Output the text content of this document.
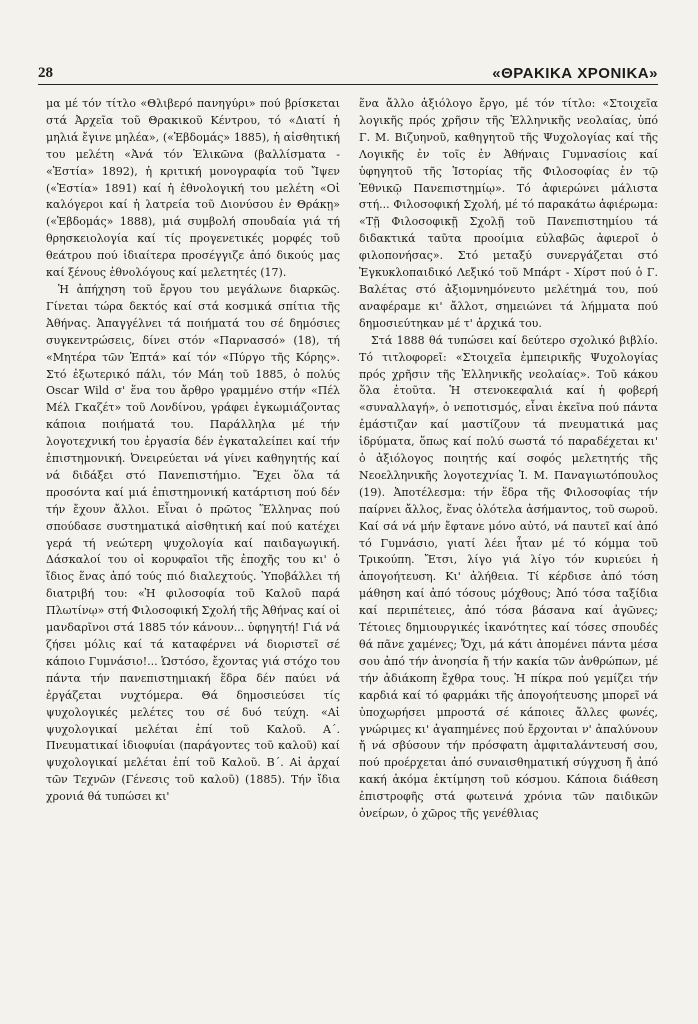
28	«ΘΡΑΚΙΚΑ ΧΡΟΝΙΚΑ»

μα μέ τόν τίτλο «Θλιβερό πανηγύρι» πού βρίσκεται στά Ἀρχεῖα τοῦ Θρακικοῦ Κέντρου, τό «Διατί ἡ μηλιά ἔγινε μηλέα», («Ἑβδομάς» 1885), ἡ αἰσθητική του μελέτη «Ἀνά τόν Ἑλικῶνα (βαλλίσματα - «Ἑστία» 1892), ἡ κριτική μονογραφία τοῦ Ἴψεν («Ἑστία» 1891) καί ἡ ἐθνολογική του μελέτη «Οἱ καλόγεροι καί ἡ λατρεία τοῦ Διονύσου ἐν Θράκῃ» («Ἑβδομάς» 1888), μιά συμβολή σπουδαία γιά τή θρησκειολογία καί τίς προγενετικές μορφές τοῦ θεάτρου πού ἰδιαίτερα προσέγγιζε ἀπό δικούς μας καί ξένους ἐθνολόγους καί μελετητές (17).

Ἡ ἀπήχηση τοῦ ἔργου του μεγάλωνε διαρκῶς. Γίνεται τώρα δεκτός καί στά κοσμικά σπίτια τῆς Ἀθήνας. Ἀπαγγέλνει τά ποιήματά του σέ δημόσιες συγκεντρώσεις, δίνει στόν «Παρνασσό» (18), τή «Μητέρα τῶν Ἑπτά» καί τόν «Πύργο τῆς Κόρης». Στό ἐξωτερικό πάλι, τόν Μάη τοῦ 1885, ὁ πολύς Oscar Wild σ' ἕνα του ἄρθρο γραμμένο στήν «Πέλ Μέλ Γκαζέτ» τοῦ Λονδίνου, γράφει ἐγκωμιάζοντας κάποια ποιήματά του. Παράλληλα μέ τήν λογοτεχνική του ἐργασία δέν ἐγκαταλείπει καί τήν ἐπιστημονική. Ὀνειρεύεται νά γίνει καθηγητής καί νά διδάξει στό Πανεπιστήμιο. Ἔχει ὅλα τά προσόντα καί μιά ἐπιστημονική κατάρτιση πού δέν τήν ἔχουν ἄλλοι. Εἶναι ὁ πρῶτος Ἕλληνας πού σπούδασε συστηματικά αἰσθητική καί πού κατέχει γερά τή νεώτερη ψυχολογία καί παιδαγωγική. Δάσκαλοί του οἱ κορυφαῖοι τῆς ἐποχῆς του κι' ὁ ἴδιος ἕνας ἀπό τούς πιό διαλεχτούς. Ὑποβάλλει τή διατριβή του: «Ἡ φιλοσοφία τοῦ Καλοῦ παρά Πλωτίνῳ» στή Φιλοσοφική Σχολή τῆς Ἀθήνας καί οἱ μανδαρῖνοι στά 1885 τόν κάνουν... ὑφηγητή! Γιά νά ζήσει μόλις καί τά καταφέρνει νά διοριστεῖ σέ κάποιο Γυμνάσιο!... Ὡστόσο, ἔχοντας γιά στόχο του πάντα τήν πανεπιστημιακή ἕδρα δέν παύει νά ἐργάζεται νυχτόμερα. Θά δημοσιεύσει τίς ψυχολογικές μελέτες του σέ δυό τεύχη. «Αἱ ψυχολογικαί μελέται ἐπί τοῦ Καλοῦ. Α΄. Πνευματικαί ἰδιοφυίαι (παράγοντες τοῦ καλοῦ) καί ψυχολογικαί μελέται ἐπί τοῦ Καλοῦ. Β΄. Αἱ ἀρχαί τῶν Τεχνῶν (Γένεσις τοῦ καλοῦ) (1885). Τήν ἴδια χρονιά θά τυπώσει κι'

ἕνα ἄλλο ἀξιόλογο ἔργο, μέ τόν τίτλο: «Στοιχεῖα λογικῆς πρός χρῆσιν τῆς Ἑλληνικῆς νεολαίας, ὑπό Γ. Μ. Βιζυηνοῦ, καθηγητοῦ τῆς Ψυχολογίας καί τῆς Λογικῆς ἐν τοῖς ἐν Ἀθήναις Γυμνασίοις καί ὑφηγητοῦ τῆς Ἱστορίας τῆς Φιλοσοφίας ἐν τῷ Ἐθνικῷ Πανεπιστημίῳ». Τό ἀφιερώνει μάλιστα στή... Φιλοσοφική Σχολή, μέ τό παρακάτω ἀφιέρωμα: «Τῇ Φιλοσοφικῇ Σχολῇ τοῦ Πανεπιστημίου τά διδακτικά ταῦτα προοίμια εὐλαβῶς ἀφιεροῖ ὁ φιλοπονήσας». Στό μεταξύ συνεργάζεται στό Ἐγκυκλοπαιδικό Λεξικό τοῦ Μπάρτ - Χίρστ πού ὁ Γ. Βαλέτας στό ἀξιομνημόνευτο μελέτημά του, πού αναφέραμε κι' ἄλλοτ, σημειώνει τά λήμματα πού δημοσιεύτηκαν μέ τ' ἀρχικά του.

Στά 1888 θά τυπώσει καί δεύτερο σχολικό βιβλίο. Τό τιτλοφορεῖ: «Στοιχεῖα ἐμπειρικῆς Ψυχολογίας πρός χρῆσιν τῆς Ἑλληνικῆς νεολαίας». Τοῦ κάκου ὅλα ἐτοῦτα. Ἡ στενοκεφαλιά καί ἡ φοβερή «συναλλαγή», ὁ νεποτισμός, εἶναι ἐκεῖνα πού πάντα ἐμάστιζαν καί μαστίζουν τά πνευματικά μας ἱδρύματα, ὅπως καί πολύ σωστά τό παραδέχεται κι' ὁ ἀξιόλογος ποιητής καί σοφός μελετητής τῆς Νεοελληνικῆς λογοτεχνίας Ἰ. Μ. Παναγιωτόπουλος (19). Ἀποτέλεσμα: τήν ἕδρα τῆς Φιλοσοφίας τήν παίρνει ἄλλος, ἕνας ὁλότελα ἀσήμαντος, τοῦ σωροῦ. Καί σά νά μήν ἔφτανε μόνο αὐτό, νά παυτεῖ καί ἀπό τό Γυμνάσιο, γιατί λέει ἦταν μέ τό κόμμα τοῦ Τρικούπη. Ἔτσι, λίγο γιά λίγο τόν κυριεύει ἡ ἀπογοήτευση. Κι' ἀλήθεια. Τί κέρδισε ἀπό τόση μάθηση καί ἀπό τόσους μόχθους; Ἀπό τόσα ταξίδια καί περιπέτειες, ἀπό τόσα βάσανα καί ἀγῶνες; Τέτοιες δημιουργικές ἱκανότητες καί τόσες σπουδές θά πᾶνε χαμένες; Ὄχι, μά κάτι ἀπομένει πάντα μέσα σου ἀπό τήν ἀνοησία ἤ τήν κακία τῶν ἀνθρώπων, μέ τήν ἀδιάκοπη ἔχθρα τους. Ἡ πίκρα πού γεμίζει τήν καρδιά καί τό φαρμάκι τῆς ἀπογοήτευσης μπορεῖ νά ὑποχωρήσει μπροστά σέ κάποιες ἄλλες φωνές, γνώριμες κι' ἀγαπημένες πού ἔρχονται ν' ἀπαλύνουν ἤ νά σβύσουν τήν πρόσφατη ἀμφιταλάντευσή σου, πού προέρχεται ἀπό συναισθηματική σύγχυση ἤ ἀπό κακή ἀκόμα ἐκτίμηση τοῦ κόσμου. Κάποια διάθεση ἐπιστροφῆς στά φωτεινά χρόνια τῶν παιδικῶν ὀνείρων, ὁ χῶρος τῆς γενέθλιας
